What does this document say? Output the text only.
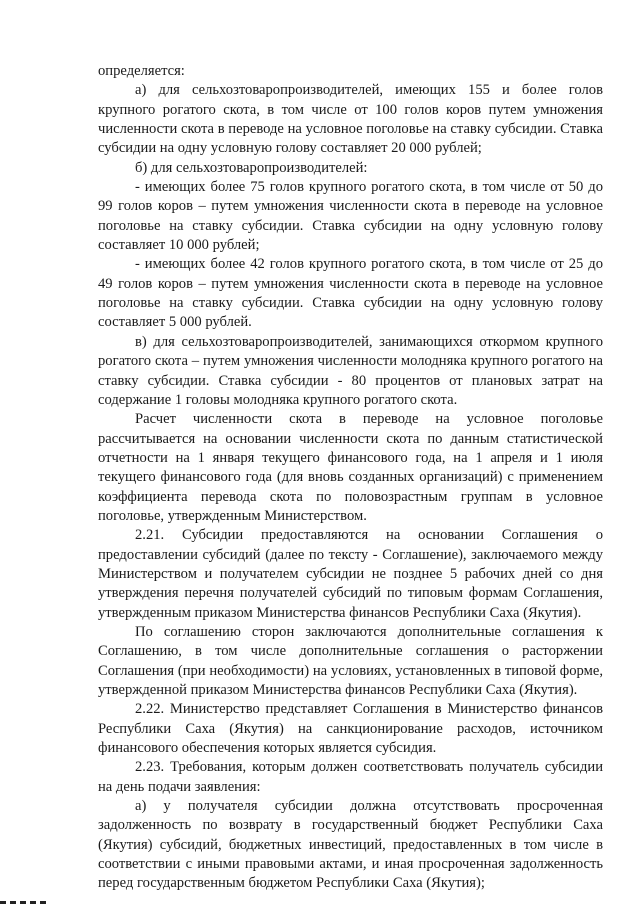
определяется:

а) для сельхозтоваропроизводителей, имеющих 155 и более голов крупного рогатого скота, в том числе от 100 голов коров путем умножения численности скота в переводе на условное поголовье на ставку субсидии. Ставка субсидии на одну условную голову составляет 20 000 рублей;

б) для сельхозтоваропроизводителей:

- имеющих более 75 голов крупного рогатого скота, в том числе от 50 до 99 голов коров – путем умножения численности скота в переводе на условное поголовье на ставку субсидии. Ставка субсидии на одну условную голову составляет 10 000 рублей;

- имеющих более 42 голов крупного рогатого скота, в том числе от 25 до 49 голов коров – путем умножения численности скота в переводе на условное поголовье на ставку субсидии. Ставка субсидии на одну условную голову составляет 5 000 рублей.

в) для сельхозтоваропроизводителей, занимающихся откормом крупного рогатого скота – путем умножения численности молодняка крупного рогатого на ставку субсидии. Ставка субсидии - 80 процентов от плановых затрат на содержание 1 головы молодняка крупного рогатого скота.

Расчет численности скота в переводе на условное поголовье рассчитывается на основании численности скота по данным статистической отчетности на 1 января текущего финансового года, на 1 апреля и 1 июля текущего финансового года (для вновь созданных организаций) с применением коэффициента перевода скота по половозрастным группам в условное поголовье, утвержденным Министерством.

2.21. Субсидии предоставляются на основании Соглашения о предоставлении субсидий (далее по тексту - Соглашение), заключаемого между Министерством и получателем субсидии не позднее 5 рабочих дней со дня утверждения перечня получателей субсидий по типовым формам Соглашения, утвержденным приказом Министерства финансов Республики Саха (Якутия).

По соглашению сторон заключаются дополнительные соглашения к Соглашению, в том числе дополнительные соглашения о расторжении Соглашения (при необходимости) на условиях, установленных в типовой форме, утвержденной приказом Министерства финансов Республики Саха (Якутия).

2.22. Министерство представляет Соглашения в Министерство финансов Республики Саха (Якутия) на санкционирование расходов, источником финансового обеспечения которых является субсидия.

2.23. Требования, которым должен соответствовать получатель субсидии на день подачи заявления:

а) у получателя субсидии должна отсутствовать просроченная задолженность по возврату в государственный бюджет Республики Саха (Якутия) субсидий, бюджетных инвестиций, предоставленных в том числе в соответствии с иными правовыми актами, и иная просроченная задолженность перед государственным бюджетом Республики Саха (Якутия);
